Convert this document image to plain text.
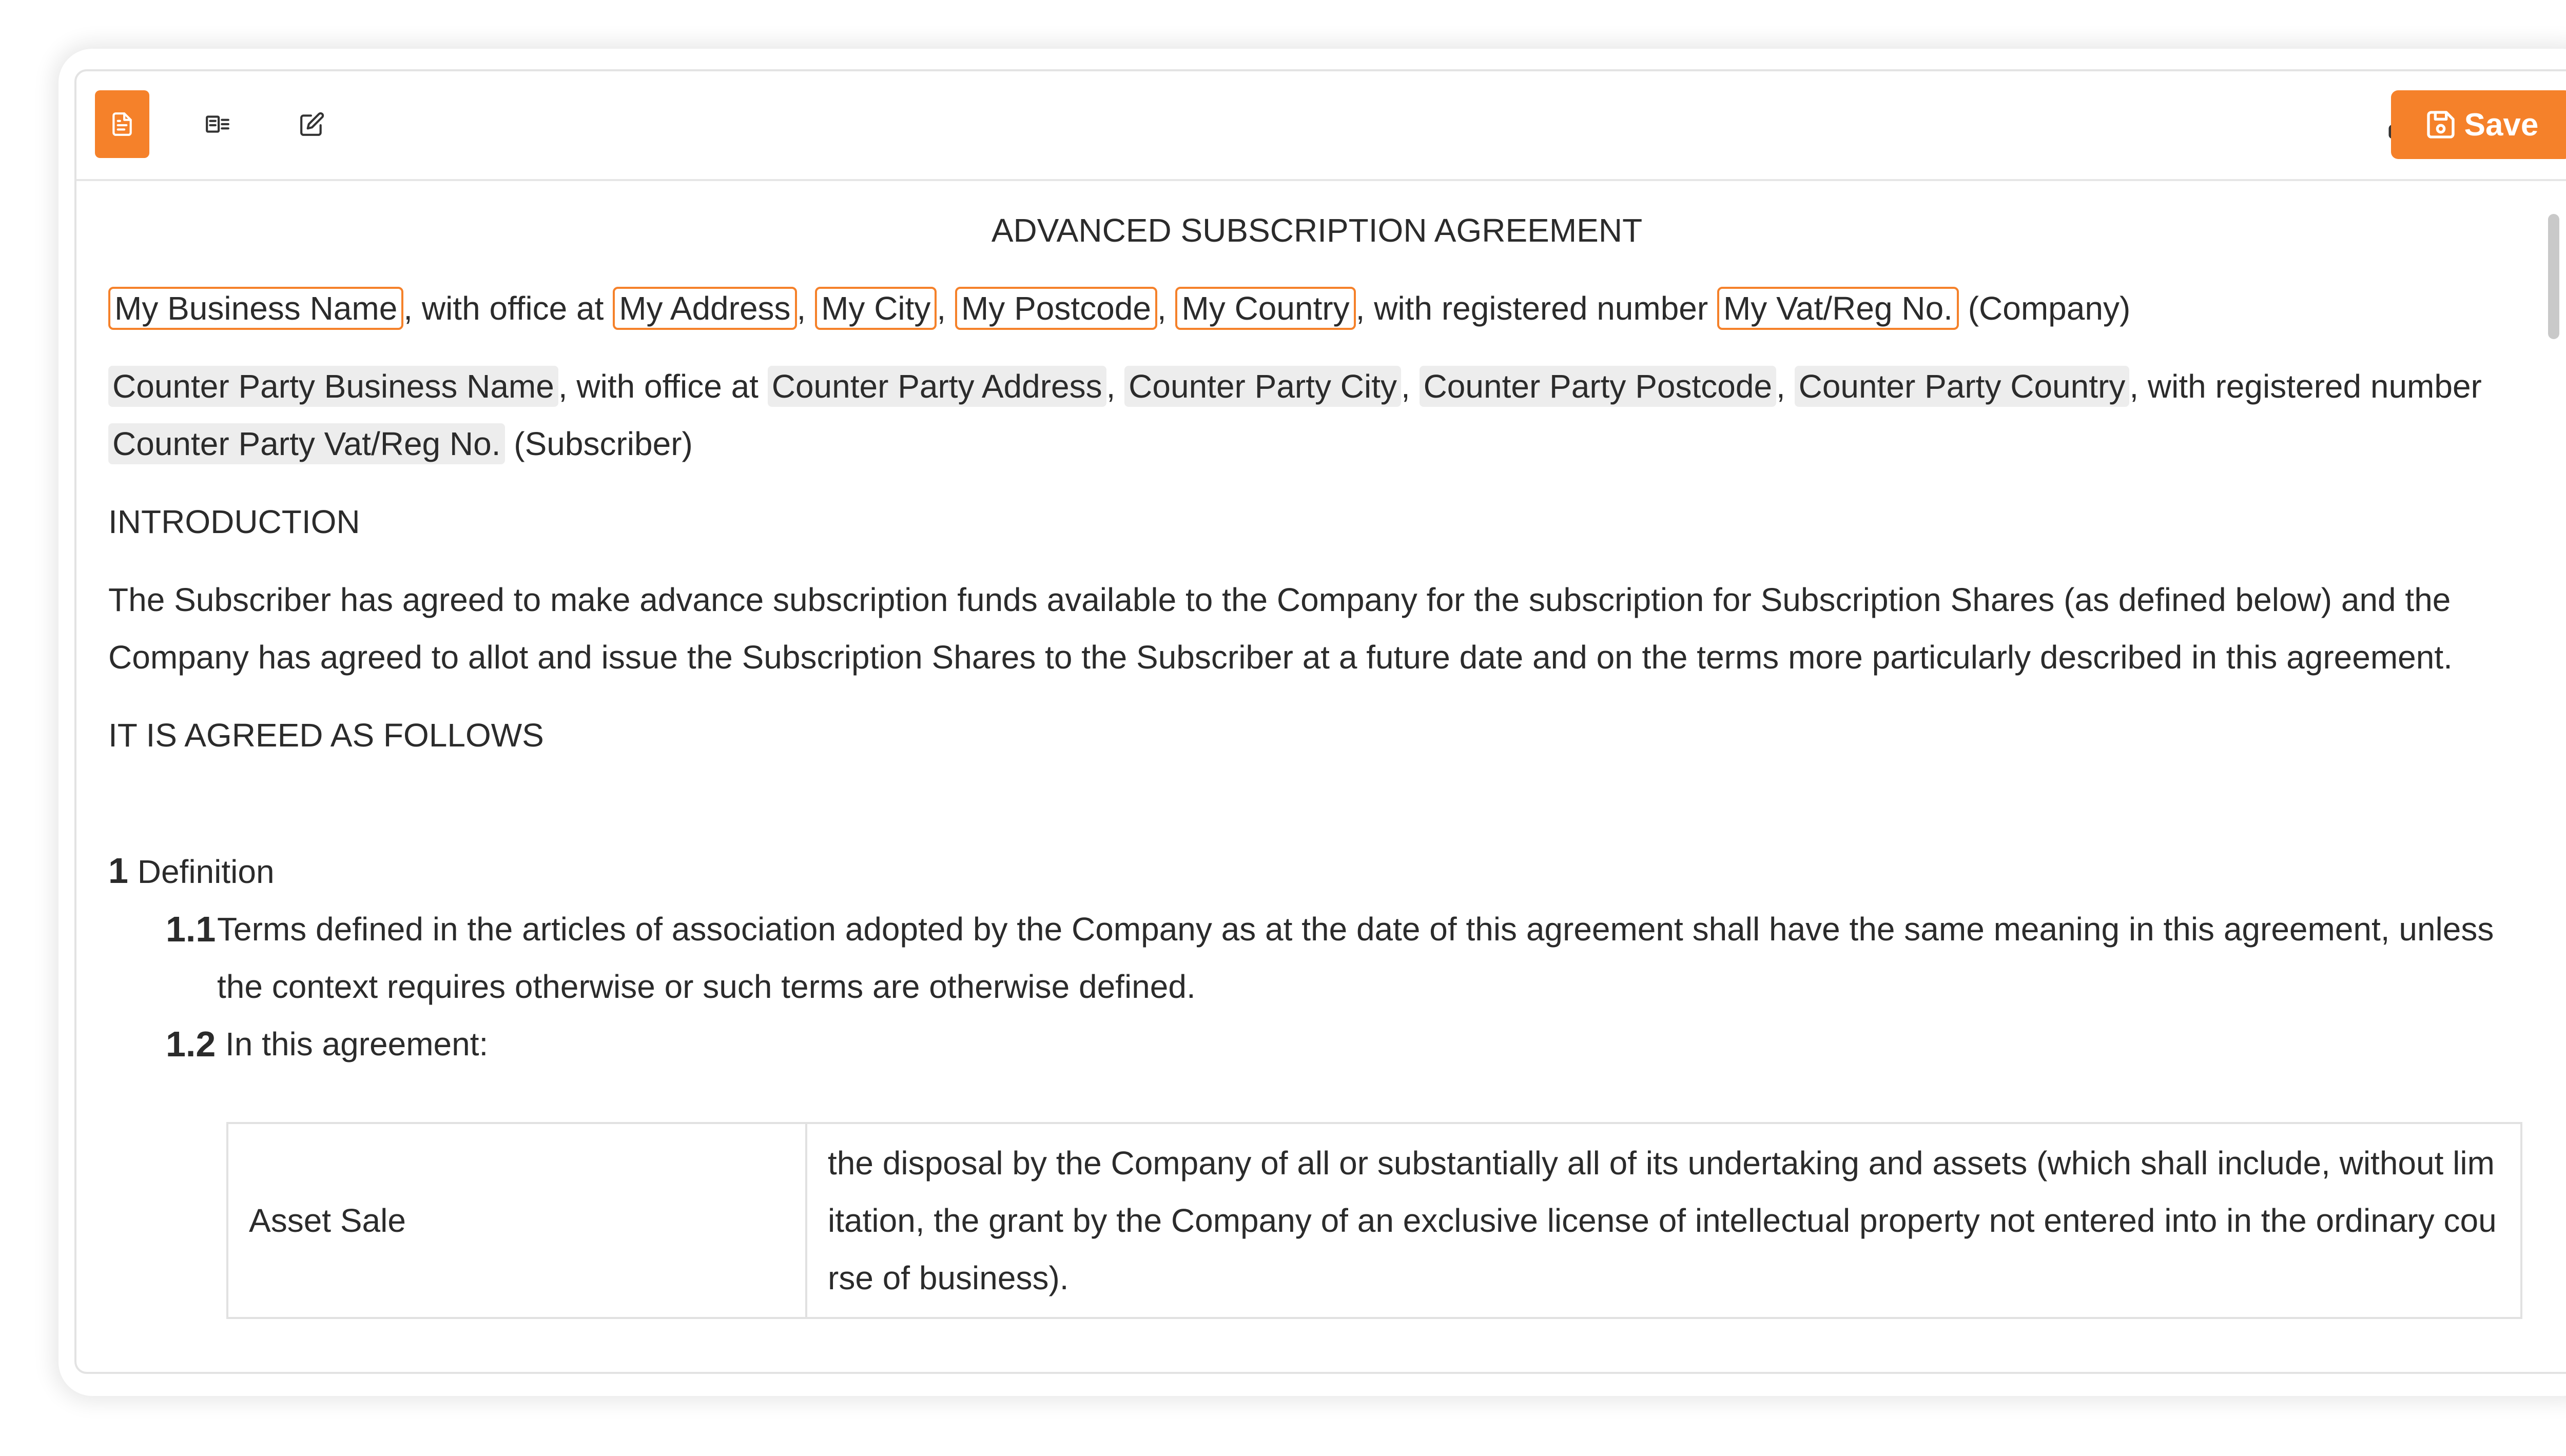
Save

ADVANCED SUBSCRIPTION AGREEMENT

My Business Name , with office at My Address , My City , My Postcode , My Country , with registered number My Vat/Reg No. (Company)

Counter Party Business Name , with office at Counter Party Address , Counter Party City , Counter Party Postcode , Counter Party Country , with registered number Counter Party Vat/Reg No. (Subscriber)

INTRODUCTION

The Subscriber has agreed to make advance subscription funds available to the Company for the subscription for Subscription Shares (as defined below) and the Company has agreed to allot and issue the Subscription Shares to the Subscriber at a future date and on the terms more particularly described in this agreement.

IT IS AGREED AS FOLLOWS

1 Definition

1.1 Terms defined in the articles of association adopted by the Company as at the date of this agreement shall have the same meaning in this agreement, unless the context requires otherwise or such terms are otherwise defined.
1.2 In this agreement:
Asset Sale	the disposal by the Company of all or substantially all of its undertaking and assets (which shall include, without limitation, the grant by the Company of an exclusive license of intellectual property not entered into in the ordinary course of business).
